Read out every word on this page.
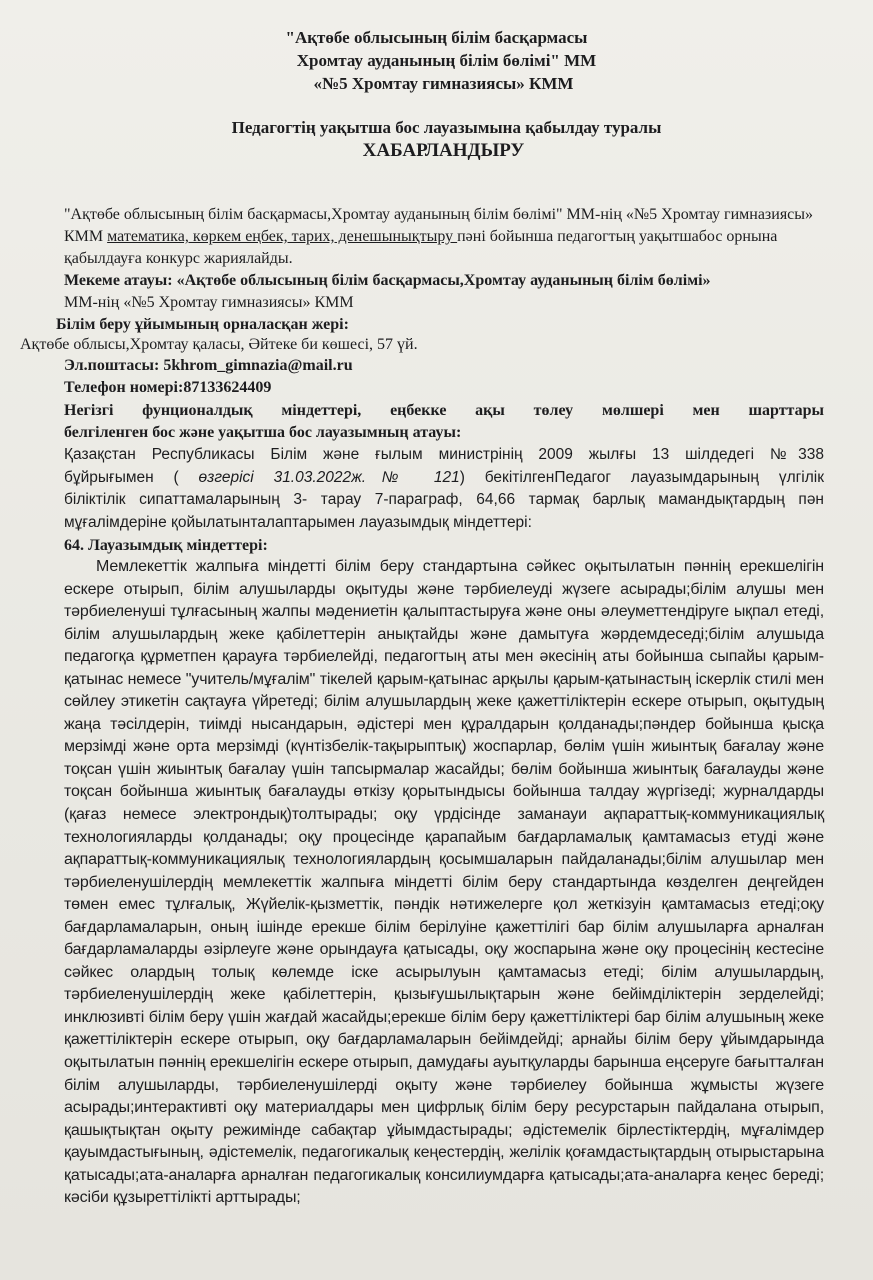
"Ақтөбе облысының білім басқармасы
Хромтау ауданының білім бөлімі" ММ
«№5 Хромтау гимназиясы» КММ
Педагогтің уақытша бос лауазымына қабылдау туралы
ХАБАРЛАНДЫРУ
"Ақтөбе облысының білім басқармасы,Хромтау ауданының білім бөлімі" ММ-нің «№5 Хромтау гимназиясы» КММ математика, көркем еңбек, тарих, денешынықтыру пәні бойынша педагогтың уақытшабос орнына қабылдауға конкурс жариялайды.
Мекеме атауы: «Ақтөбе облысының білім басқармасы,Хромтау ауданының білім бөлімі»
ММ-нің «№5 Хромтау гимназиясы» КММ
Білім беру ұйымының орналасқан жері:
Ақтөбе облысы,Хромтау қаласы, Әйтеке би көшесі, 57 үй.
Эл.поштасы: 5khrom_gimnazia@mail.ru
Телефон номері:87133624409
Негізгі фунционалдық міндеттері, еңбекке ақы төлеу мөлшері мен шарттары
белгіленген бос және уақытша бос лауазымның атауы:
Қазақстан Республикасы Білім және ғылым министрінің 2009 жылғы 13 шілдедегі №338
бұйрығымен ( өзгерісі 31.03.2022ж.№ 121) бекітілгенПедагог лауазымдарының үлгілік
біліктілік сипаттамаларының 3- тарау 7-параграф, 64,66 тармақ барлық мамандықтардың пән
мұғалімдеріне қойылатынталаптарымен лауазымдық міндеттері:
64. Лауазымдық міндеттері:
Мемлекеттік жалпыға міндетті білім беру стандартына сәйкес оқытылатын пәннің ерекшелігін ескере отырып, білім алушыларды оқытуды және тәрбиелеуді жүзеге асырады;білім алушы мен тәрбиеленуші тұлғасының жалпы мәдениетін қалыптастыруға және оны әлеуметтендіруге ықпал етеді, білім алушылардың жеке қабілеттерін анықтайды және дамытуға жәрдемдеседі;білім алушыда педагогқа құрметпен қарауға тәрбиелейді, педагогтың аты мен әкесінің аты бойынша сыпайы қарым-қатынас немесе "учитель/мұғалім" тікелей қарым-қатынас арқылы қарым-қатынастың іскерлік стилі мен сөйлеу этикетін сақтауға үйретеді; білім алушылардың жеке қажеттіліктерін ескере отырып, оқытудың жаңа тәсілдерін, тиімді нысандарын, әдістері мен құралдарын қолданады;пәндер бойынша қысқа мерзімді және орта мерзімді (күнтізбелік-тақырыптық) жоспарлар, бөлім үшін жиынтық бағалау және тоқсан үшін жиынтық бағалау үшін тапсырмалар жасайды; бөлім бойынша жиынтық бағалауды және тоқсан бойынша жиынтық бағалауды өткізу қорытындысы бойынша талдау жүргізеді; журналдарды (қағаз немесе электрондық)толтырады; оқу үрдісінде заманауи ақпараттық-коммуникациялық технологияларды қолданады; оқу процесінде қарапайым бағдарламалық қамтамасыз етуді және ақпараттық-коммуникациялық технологиялардың қосымшаларын пайдаланады;білім алушылар мен тәрбиеленушілердің мемлекеттік жалпыға міндетті білім беру стандартында көзделген деңгейден төмен емес тұлғалық, Жүйелік-қызметтік, пәндік нәтижелерге қол жеткізуін қамтамасыз етеді;оқу бағдарламаларын, оның ішінде ерекше білім берілуіне қажеттілігі бар білім алушыларға арналған бағдарламаларды әзірлеуге және орындауға қатысады, оқу жоспарына және оқу процесінің кестесіне сәйкес олардың толық көлемде іске асырылуын қамтамасыз етеді; білім алушылардың, тәрбиеленушілердің жеке қабілеттерін, қызығушылықтарын және бейімділіктерін зерделейді; инклюзивті білім беру үшін жағдай жасайды;ерекше білім беру қажеттіліктері бар білім алушының жеке қажеттіліктерін ескере отырып, оқу бағдарламаларын бейімдейді; арнайы білім беру ұйымдарында оқытылатын пәннің ерекшелігін ескере отырып, дамудағы ауытқуларды барынша еңсеруге бағытталған білім алушыларды, тәрбиеленушілерді оқыту және тәрбиелеу бойынша жұмысты жүзеге асырады;интерактивті оқу материалдары мен цифрлық білім беру ресурстарын пайдалана отырып, қашықтықтан оқыту режимінде сабақтар ұйымдастырады; әдістемелік бірлестіктердің, мұғалімдер қауымдастығының, әдістемелік, педагогикалық кеңестердің, желілік қоғамдастықтардың отырыстарына қатысады;ата-аналарға арналған педагогикалық консилиумдарға қатысады;ата-аналарға кеңес береді; кәсіби құзыреттілікті арттырады;
